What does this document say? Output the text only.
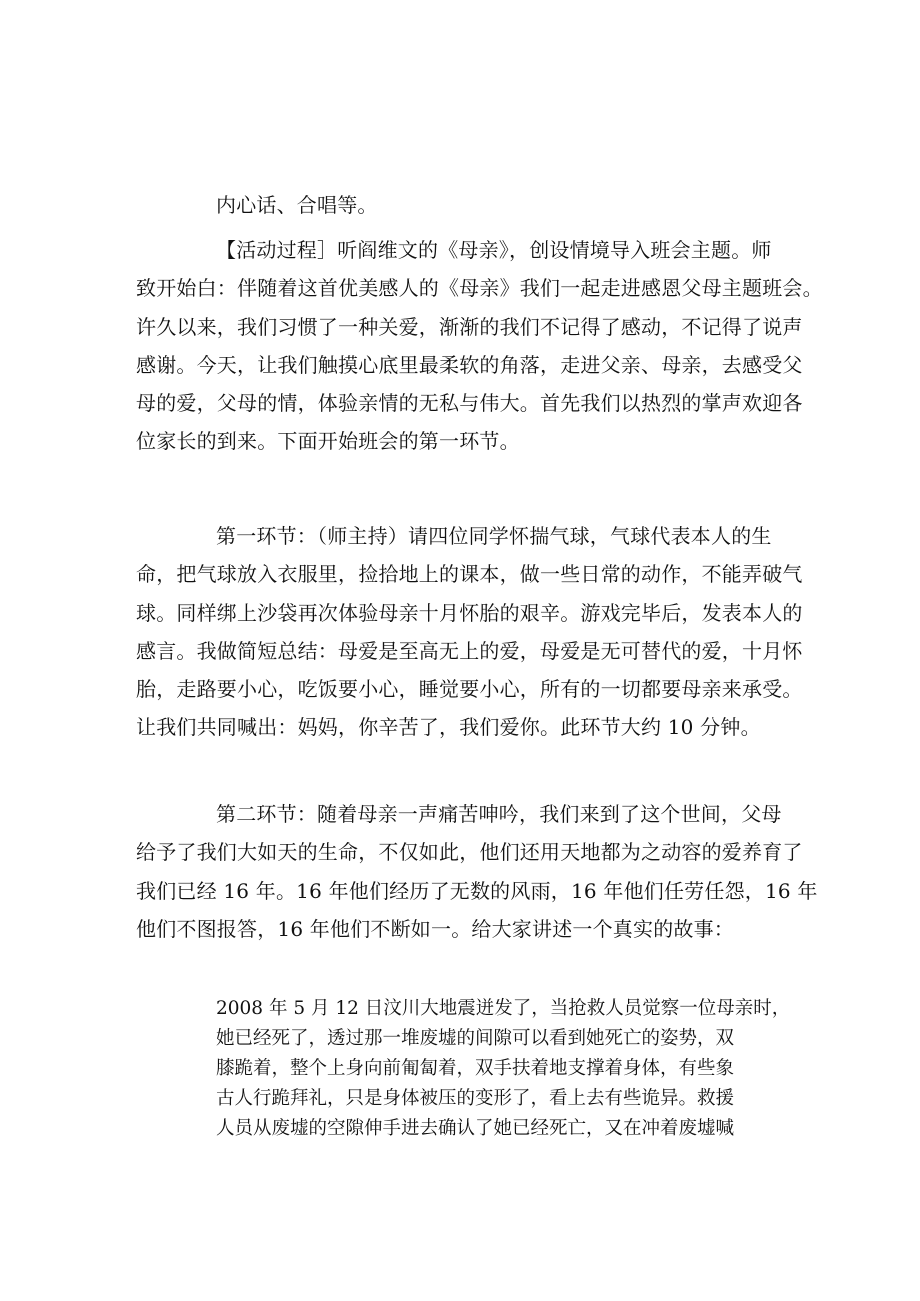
内心话、合唱等。
【活动过程］听阎维文的《母亲》，创设情境导入班会主题。师
致开始白：伴随着这首优美感人的《母亲》我们一起走进感恩父母主题班会。
许久以来，我们习惯了一种关爱，渐渐的我们不记得了感动，不记得了说声
感谢。今天，让我们触摸心底里最柔软的角落，走进父亲、母亲，去感受父
母的爱，父母的情，体验亲情的无私与伟大。首先我们以热烈的掌声欢迎各
位家长的到来。下面开始班会的第一环节。
第一环节：（师主持）请四位同学怀揣气球，气球代表本人的生
命，把气球放入衣服里，捡拾地上的课本，做一些日常的动作，不能弄破气
球。同样绑上沙袋再次体验母亲十月怀胎的艰辛。游戏完毕后，发表本人的
感言。我做简短总结：母爱是至高无上的爱，母爱是无可替代的爱，十月怀
胎，走路要小心，吃饭要小心，睡觉要小心，所有的一切都要母亲来承受。
让我们共同喊出：妈妈，你辛苦了，我们爱你。此环节大约 10 分钟。
第二环节：随着母亲一声痛苦呻吟，我们来到了这个世间，父母
给予了我们大如天的生命，不仅如此，他们还用天地都为之动容的爱养育了
我们已经 16 年。16 年他们经历了无数的风雨，16 年他们任劳任怨，16 年
他们不图报答，16 年他们不断如一。给大家讲述一个真实的故事：
2008 年 5 月 12 日汶川大地震迸发了，当抢救人员觉察一位母亲时，
她已经死了，透过那一堆废墟的间隙可以看到她死亡的姿势，双
膝跪着，整个上身向前匍匐着，双手扶着地支撑着身体，有些象
古人行跪拜礼，只是身体被压的变形了，看上去有些诡异。救援
人员从废墟的空隙伸手进去确认了她已经死亡，又在冲着废墟喊
